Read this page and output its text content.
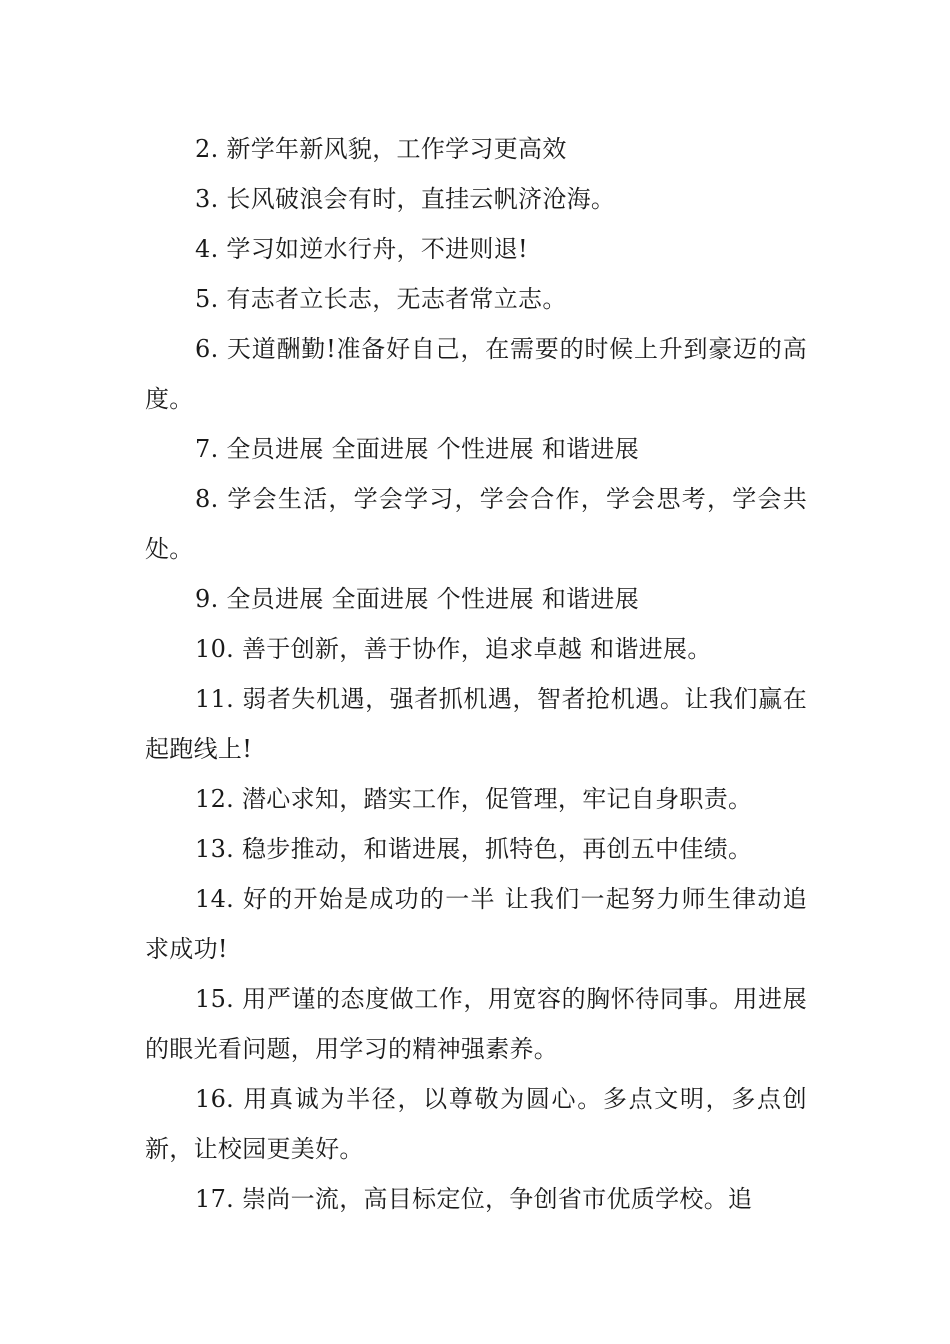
2. 新学年新风貌，工作学习更高效

3. 长风破浪会有时，直挂云帆济沧海。

4. 学习如逆水行舟，不进则退!

5. 有志者立长志，无志者常立志。

6. 天道酬勤!准备好自己，在需要的时候上升到豪迈的高度。

7. 全员进展 全面进展 个性进展 和谐进展

8. 学会生活，学会学习，学会合作，学会思考，学会共处。

9. 全员进展 全面进展 个性进展 和谐进展

10. 善于创新，善于协作，追求卓越 和谐进展。

11. 弱者失机遇，强者抓机遇，智者抢机遇。让我们赢在起跑线上!

12. 潜心求知，踏实工作，促管理，牢记自身职责。

13. 稳步推动，和谐进展，抓特色，再创五中佳绩。

14. 好的开始是成功的一半 让我们一起努力师生律动追求成功!

15. 用严谨的态度做工作，用宽容的胸怀待同事。用进展的眼光看问题，用学习的精神强素养。

16. 用真诚为半径，以尊敬为圆心。多点文明，多点创新，让校园更美好。

17. 崇尚一流，高目标定位，争创省市优质学校。追
